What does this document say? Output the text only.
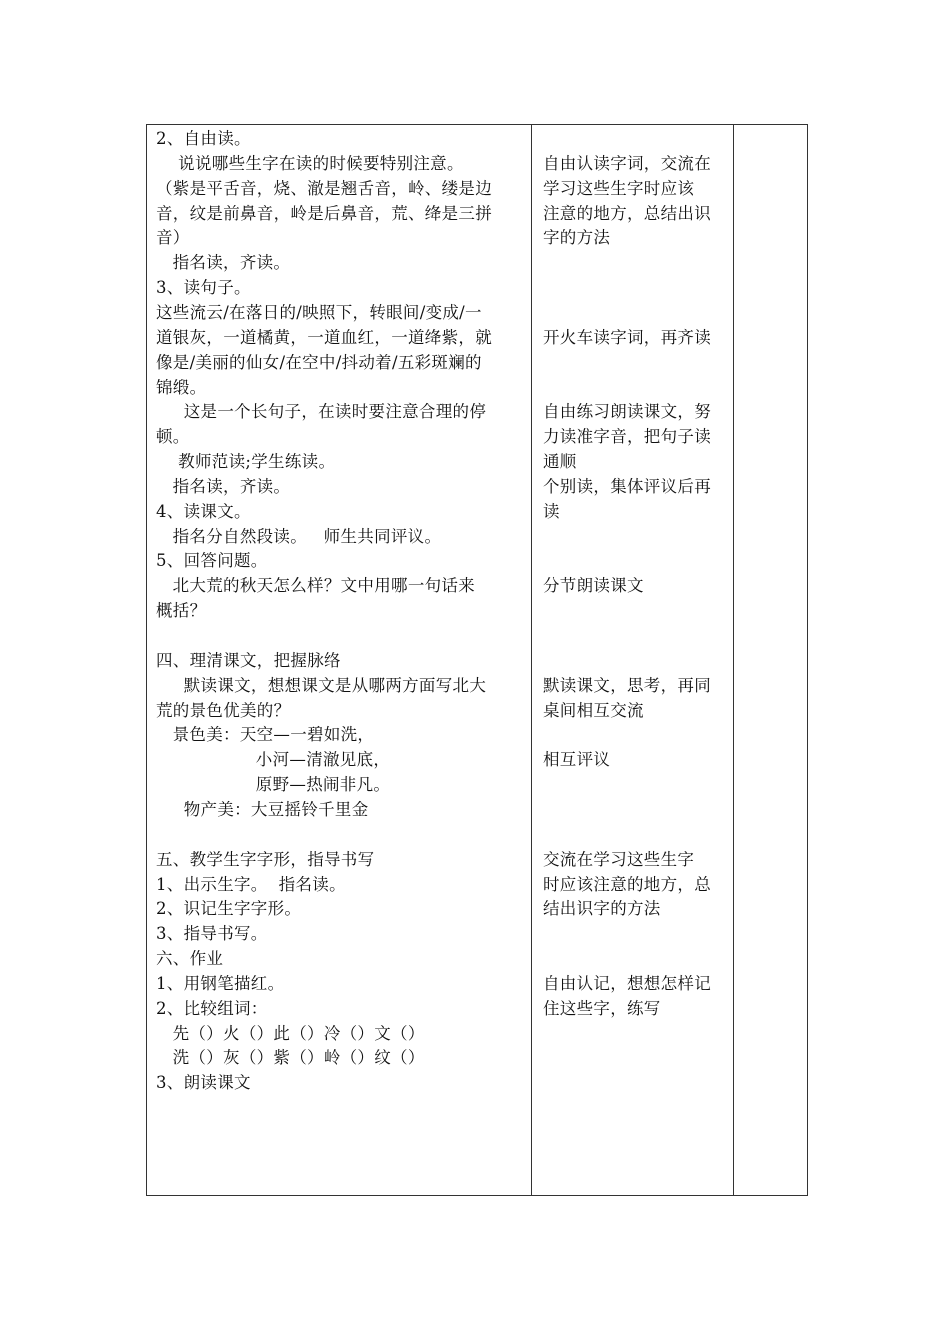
2、自由读。
说说哪些生字在读的时候要特别注意。
（紫是平舌音，烧、澈是翘舌音，岭、缕是边
音，纹是前鼻音，岭是后鼻音，荒、绛是三拼
音）
指名读，齐读。
3、读句子。
这些流云/在落日的/映照下，转眼间/变成/一
道银灰，一道橘黄，一道血红，一道绛紫，就
像是/美丽的仙女/在空中/抖动着/五彩斑斓的
锦缎。
这是一个长句子，在读时要注意合理的停
顿。
教师范读;学生练读。
指名读，齐读。
4、读课文。
指名分自然段读。   师生共同评议。
5、回答问题。
北大荒的秋天怎么样？文中用哪一句话来
概括？
四、理清课文，把握脉络
默读课文，想想课文是从哪两方面写北大
荒的景色优美的？
景色美：天空—一碧如洗，
小河—清澈见底，
原野—热闹非凡。
物产美：大豆摇铃千里金
五、教学生字字形，指导书写
1、出示生字。  指名读。
2、识记生字字形。
3、指导书写。
六、作业
1、用钢笔描红。
2、比较组词：
先（）火（）此（）冷（）文（）
洗（）灰（）紫（）岭（）纹（）
3、朗读课文
自由认读字词，交流在
学习这些生字时应该
注意的地方，总结出识
字的方法
开火车读字词，再齐读
自由练习朗读课文，努
力读准字音，把句子读
通顺
个别读，集体评议后再
读
分节朗读课文
默读课文，思考，再同
桌间相互交流
相互评议
交流在学习这些生字
时应该注意的地方，总
结出识字的方法
自由认记，想想怎样记
住这些字，练写
